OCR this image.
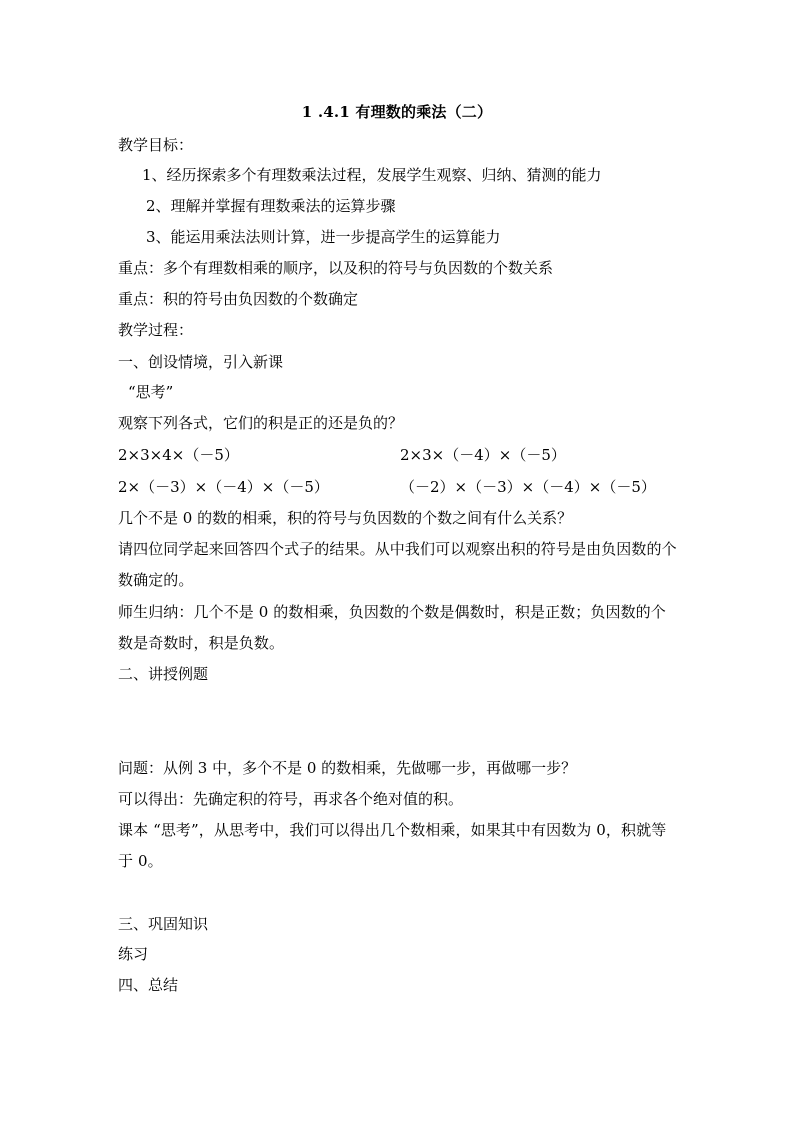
1 .4.1 有理数的乘法（二）
教学目标：
1、经历探索多个有理数乘法过程，发展学生观察、归纳、猜测的能力
2、理解并掌握有理数乘法的运算步骤
3、能运用乘法法则计算，进一步提高学生的运算能力
重点：多个有理数相乘的顺序，以及积的符号与负因数的个数关系
重点：积的符号由负因数的个数确定
教学过程：
一、创设情境，引入新课
“思考”
观察下列各式，它们的积是正的还是负的？
2×3×4×（－5）	2×3×（－4）×（－5）
2×（－3）×（－4）×（－5）	（－2）×（－3）×（－4）×（－5）
几个不是 0 的数的相乘，积的符号与负因数的个数之间有什么关系？
请四位同学起来回答四个式子的结果。从中我们可以观察出积的符号是由负因数的个数确定的。
师生归纳：几个不是 0 的数相乘，负因数的个数是偶数时，积是正数；负因数的个数是奇数时，积是负数。
二、讲授例题
问题：从例 3 中，多个不是 0 的数相乘，先做哪一步，再做哪一步？
可以得出：先确定积的符号，再求各个绝对值的积。
课本 “思考”，从思考中，我们可以得出几个数相乘，如果其中有因数为 0，积就等于 0。
三、巩固知识
练习
四、总结
